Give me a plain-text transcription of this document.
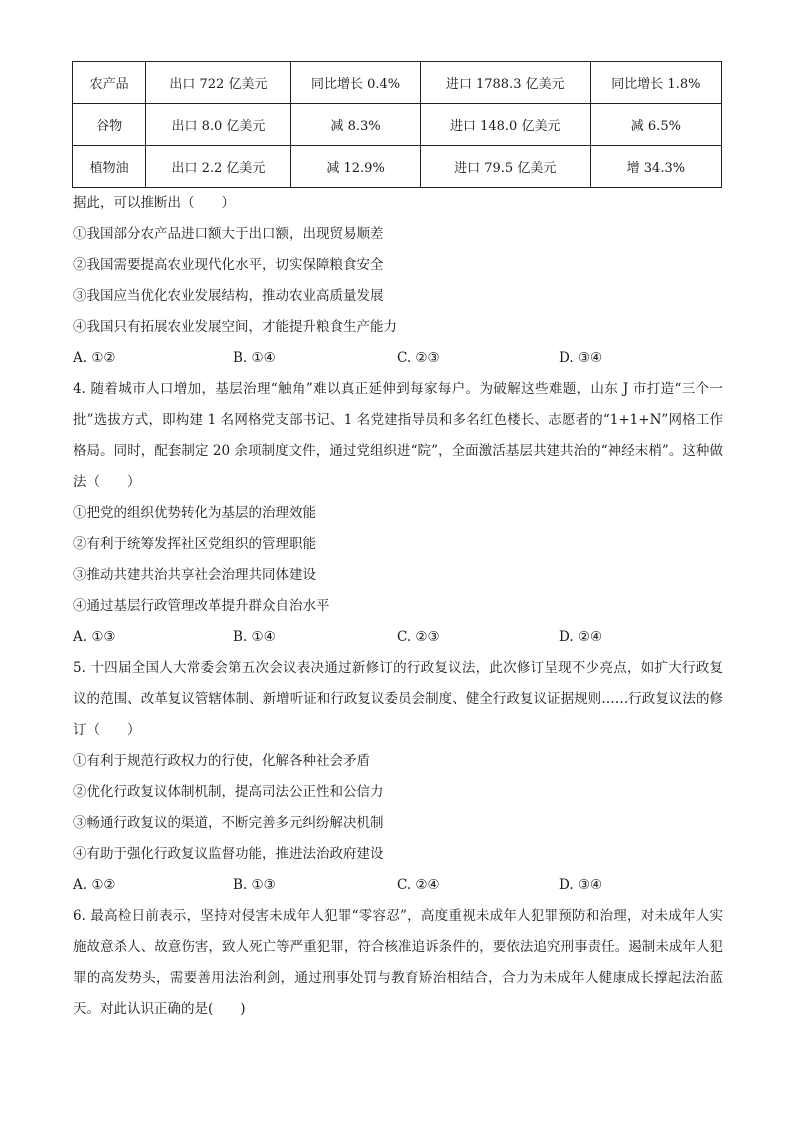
农产品	出口 722 亿美元	同比增长 0.4%	进口 1788.3 亿美元	同比增长 1.8%
谷物	出口 8.0 亿美元	减 8.3%	进口 148.0 亿美元	减 6.5%
植物油	出口 2.2 亿美元	减 12.9%	进口 79.5 亿美元	增 34.3%
据此，可以推断出（　　）
①我国部分农产品进口额大于出口额，出现贸易顺差
②我国需要提高农业现代化水平，切实保障粮食安全
③我国应当优化农业发展结构，推动农业高质量发展
④我国只有拓展农业发展空间，才能提升粮食生产能力
A. ①②	B. ①④	C. ②③	D. ③④
4. 随着城市人口增加，基层治理“触角”难以真正延伸到每家每户。为破解这些难题，山东 J 市打造“三个一批”选拔方式，即构建 1 名网格党支部书记、1 名党建指导员和多名红色楼长、志愿者的“1+1+N”网格工作格局。同时，配套制定 20 余项制度文件，通过党组织进“院”，全面激活基层共建共治的“神经末梢”。这种做法（　　）
①把党的组织优势转化为基层的治理效能
②有利于统筹发挥社区党组织的管理职能
③推动共建共治共享社会治理共同体建设
④通过基层行政管理改革提升群众自治水平
A. ①③	B. ①④	C. ②③	D. ②④
5. 十四届全国人大常委会第五次会议表决通过新修订的行政复议法，此次修订呈现不少亮点，如扩大行政复议的范围、改革复议管辖体制、新增听证和行政复议委员会制度、健全行政复议证据规则……行政复议法的修订（　　）
①有利于规范行政权力的行使，化解各种社会矛盾
②优化行政复议体制机制，提高司法公正性和公信力
③畅通行政复议的渠道，不断完善多元纠纷解决机制
④有助于强化行政复议监督功能，推进法治政府建设
A. ①②	B. ①③	C. ②④	D. ③④
6. 最高检日前表示，坚持对侵害未成年人犯罪“零容忍”，高度重视未成年人犯罪预防和治理，对未成年人实施故意杀人、故意伤害，致人死亡等严重犯罪，符合核准追诉条件的，要依法追究刑事责任。遏制未成年人犯罪的高发势头，需要善用法治利剑，通过刑事处罚与教育矫治相结合，合力为未成年人健康成长撑起法治蓝天。对此认识正确的是(　　)
